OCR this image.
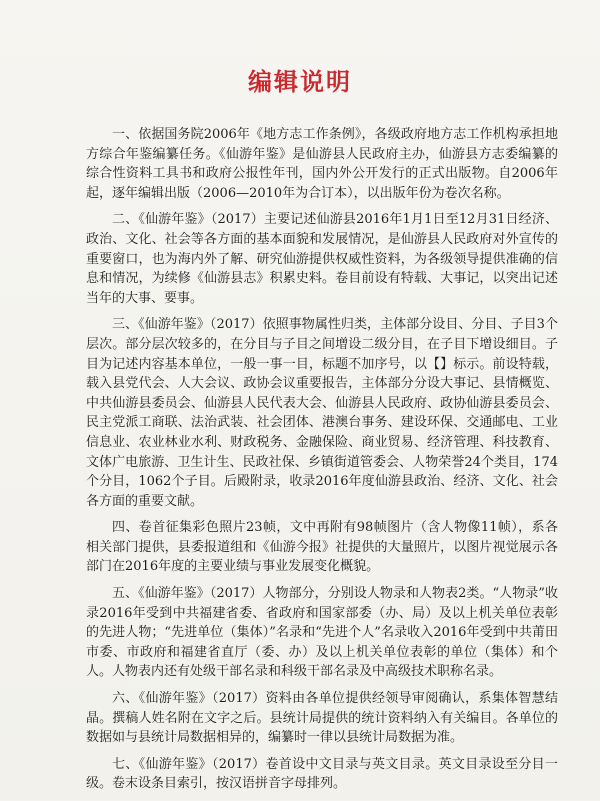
编辑说明

一、依据国务院2006年《地方志工作条例》，各级政府地方志工作机构承担地方综合年鉴编纂任务。《仙游年鉴》是仙游县人民政府主办，仙游县方志委编纂的综合性资料工具书和政府公报性年刊，国内外公开发行的正式出版物。自2006年起，逐年编辑出版（2006—2010年为合订本），以出版年份为卷次名称。

二、《仙游年鉴》（2017）主要记述仙游县2016年1月1日至12月31日经济、政治、文化、社会等各方面的基本面貌和发展情况，是仙游县人民政府对外宣传的重要窗口，也为海内外了解、研究仙游提供权威性资料，为各级领导提供准确的信息和情况，为续修《仙游县志》积累史料。卷目前设有特载、大事记，以突出记述当年的大事、要事。

三、《仙游年鉴》（2017）依照事物属性归类，主体部分设目、分目、子目3个层次。部分层次较多的，在分目与子目之间增设二级分目，在子目下增设细目。子目为记述内容基本单位，一般一事一目，标题不加序号，以【】标示。前设特载，载入县党代会、人大会议、政协会议重要报告，主体部分分设大事记、县情概览、中共仙游县委员会、仙游县人民代表大会、仙游县人民政府、政协仙游县委员会、民主党派工商联、法治武装、社会团体、港澳台事务、建设环保、交通邮电、工业信息业、农业林业水利、财政税务、金融保险、商业贸易、经济管理、科技教育、文体广电旅游、卫生计生、民政社保、乡镇街道管委会、人物荣誉24个类目，174个分目，1062个子目。后殿附录，收录2016年度仙游县政治、经济、文化、社会各方面的重要文献。

四、卷首征集彩色照片23帧，文中再附有98帧图片（含人物像11帧），系各相关部门提供，县委报道组和《仙游今报》社提供的大量照片，以图片视觉展示各部门在2016年度的主要业绩与事业发展变化概貌。

五、《仙游年鉴》（2017）人物部分，分别设人物录和人物表2类。“人物录”收录2016年受到中共福建省委、省政府和国家部委（办、局）及以上机关单位表彰的先进人物；“先进单位（集体）”名录和“先进个人”名录收入2016年受到中共莆田市委、市政府和福建省直厅（委、办）及以上机关单位表彰的单位（集体）和个人。人物表内还有处级干部名录和科级干部名录及中高级技术职称名录。

六、《仙游年鉴》（2017）资料由各单位提供经领导审阅确认，系集体智慧结晶。撰稿人姓名附在文字之后。县统计局提供的统计资料纳入有关编目。各单位的数据如与县统计局数据相异的，编纂时一律以县统计局数据为准。

七、《仙游年鉴》（2017）卷首设中文目录与英文目录。英文目录设至分目一级。卷末设条目索引，按汉语拼音字母排列。
